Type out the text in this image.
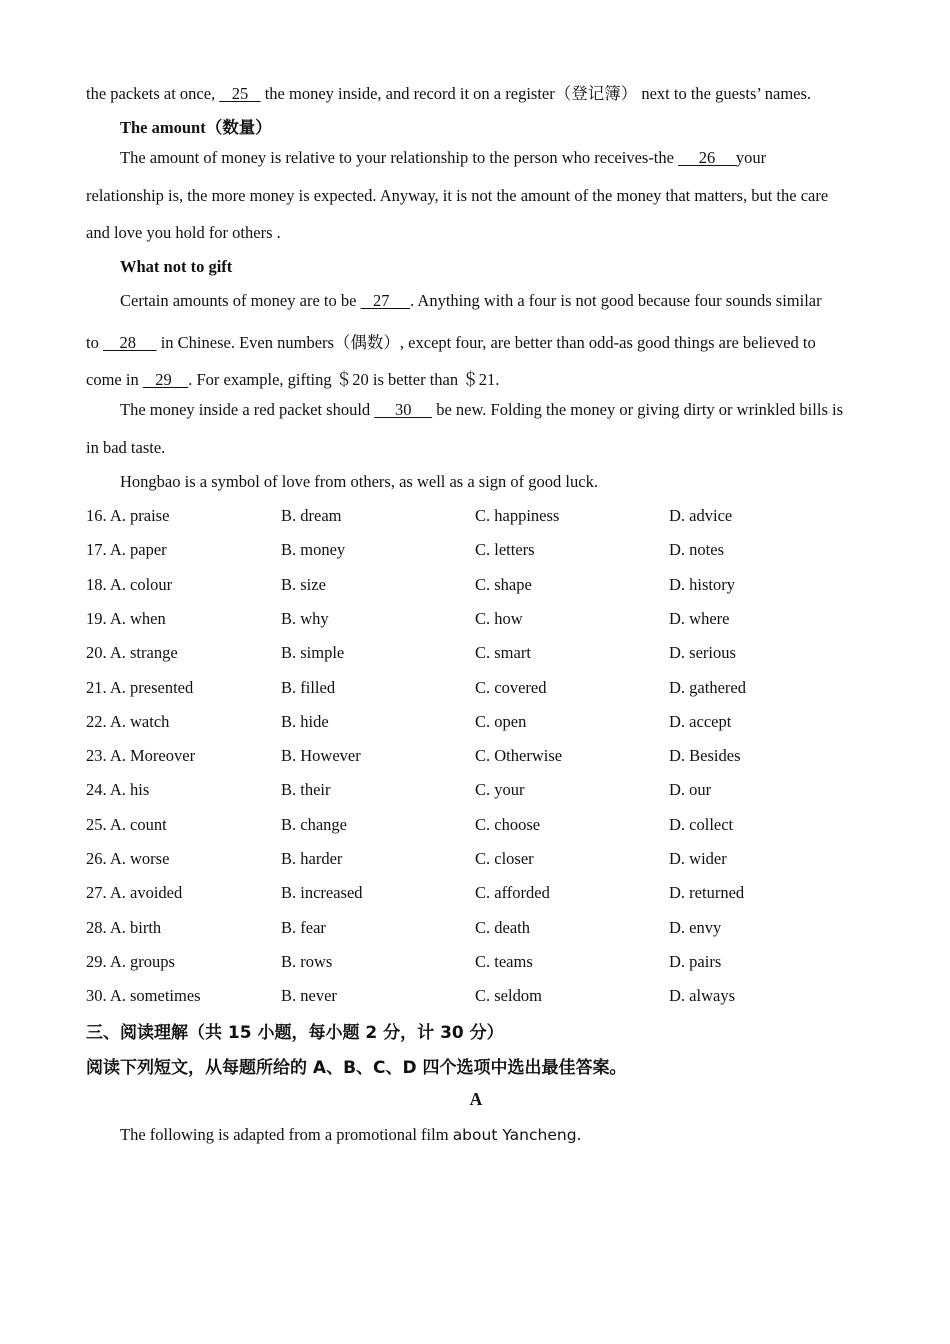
the packets at once,    25    the money inside, and record it on a register（登记簿） next to the guests’ names.
The amount（数量）
The amount of money is relative to your relationship to the person who receives-the      26     your
relationship is, the more money is expected. Anyway, it is not the amount of the money that matters, but the care
and love you hold for others .
What not to gift
Certain amounts of money are to be    27     . Anything with a four is not good because four sounds similar
to     28      in Chinese. Even numbers（偶数）, except four, are better than odd-as good things are believed to
come in    29    . For example, gifting ＄20 is better than ＄21.
The money inside a red packet should      30      be new. Folding the money or giving dirty or wrinkled bills is
in bad taste.
Hongbao is a symbol of love from others, as well as a sign of good luck.
16. A. praise	B. dream	C. happiness	D. advice
17. A. paper	B. money	C. letters	D. notes
18. A. colour	B. size	C. shape	D. history
19. A. when	B. why	C. how	D. where
20. A. strange	B. simple	C. smart	D. serious
21. A. presented	B. filled	C. covered	D. gathered
22. A. watch	B. hide	C. open	D. accept
23. A. Moreover	B. However	C. Otherwise	D. Besides
24. A. his	B. their	C. your	D. our
25. A. count	B. change	C. choose	D. collect
26. A. worse	B. harder	C. closer	D. wider
27. A. avoided	B. increased	C. afforded	D. returned
28. A. birth	B. fear	C. death	D. envy
29. A. groups	B. rows	C. teams	D. pairs
30. A. sometimes	B. never	C. seldom	D. always
三、阅读理解（共 15 小题，每小题 2 分，计 30 分）
阅读下列短文，从每题所给的 A、B、C、D 四个选项中选出最佳答案。
A
The following is adapted from a promotional film about Yancheng.
